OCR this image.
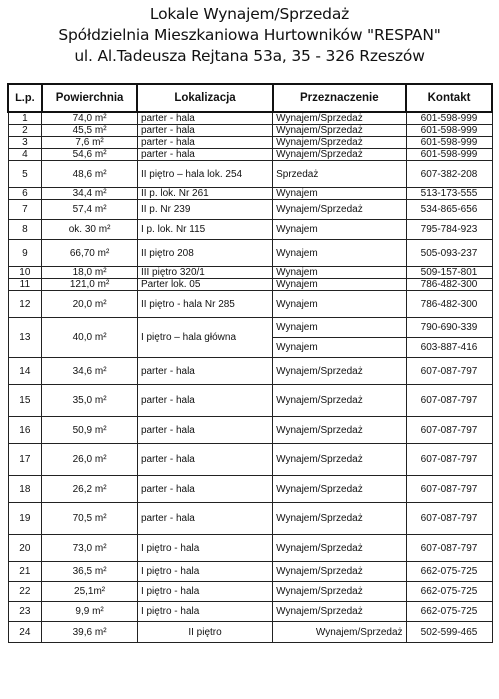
Lokale Wynajem/Sprzedaż
Spółdzielnia Mieszkaniowa Hurtowników "RESPAN"
ul. Al.Tadeusza Rejtana 53a, 35 - 326 Rzeszów
L.p.	Powierchnia	Lokalizacja	Przeznaczenie	Kontakt
1	74,0 m²	parter - hala	Wynajem/Sprzedaż	601-598-999
2	45,5 m²	parter - hala	Wynajem/Sprzedaż	601-598-999
3	7,6 m²	parter - hala	Wynajem/Sprzedaż	601-598-999
4	54,6 m²	parter - hala	Wynajem/Sprzedaż	601-598-999
5	48,6 m²	II piętro – hala lok. 254	Sprzedaż	607-382-208
6	34,4 m²	II p. lok. Nr 261	Wynajem	513-173-555
7	57,4 m²	II p. Nr 239	Wynajem/Sprzedaż	534-865-656
8	ok. 30 m²	I p. lok. Nr 115	Wynajem	795-784-923
9	66,70 m²	II piętro 208	Wynajem	505-093-237
10	18,0 m²	III piętro 320/1	Wynajem	509-157-801
11	121,0 m²	Parter lok. 05	Wynajem	786-482-300
12	20,0 m²	II piętro - hala Nr 285	Wynajem	786-482-300
13	40,0 m²	I piętro – hala główna	Wynajem	790-690-339
			Wynajem	603-887-416
14	34,6 m²	parter - hala	Wynajem/Sprzedaż	607-087-797
15	35,0 m²	parter - hala	Wynajem/Sprzedaż	607-087-797
16	50,9 m²	parter - hala	Wynajem/Sprzedaż	607-087-797
17	26,0 m²	parter - hala	Wynajem/Sprzedaż	607-087-797
18	26,2 m²	parter - hala	Wynajem/Sprzedaż	607-087-797
19	70,5 m²	parter - hala	Wynajem/Sprzedaż	607-087-797
20	73,0 m²	I piętro - hala	Wynajem/Sprzedaż	607-087-797
21	36,5 m²	I piętro - hala	Wynajem/Sprzedaż	662-075-725
22	25,1m²	I piętro - hala	Wynajem/Sprzedaż	662-075-725
23	9,9 m²	I piętro - hala	Wynajem/Sprzedaż	662-075-725
24	39,6 m²	II piętro	Wynajem/Sprzedaż	502-599-465
